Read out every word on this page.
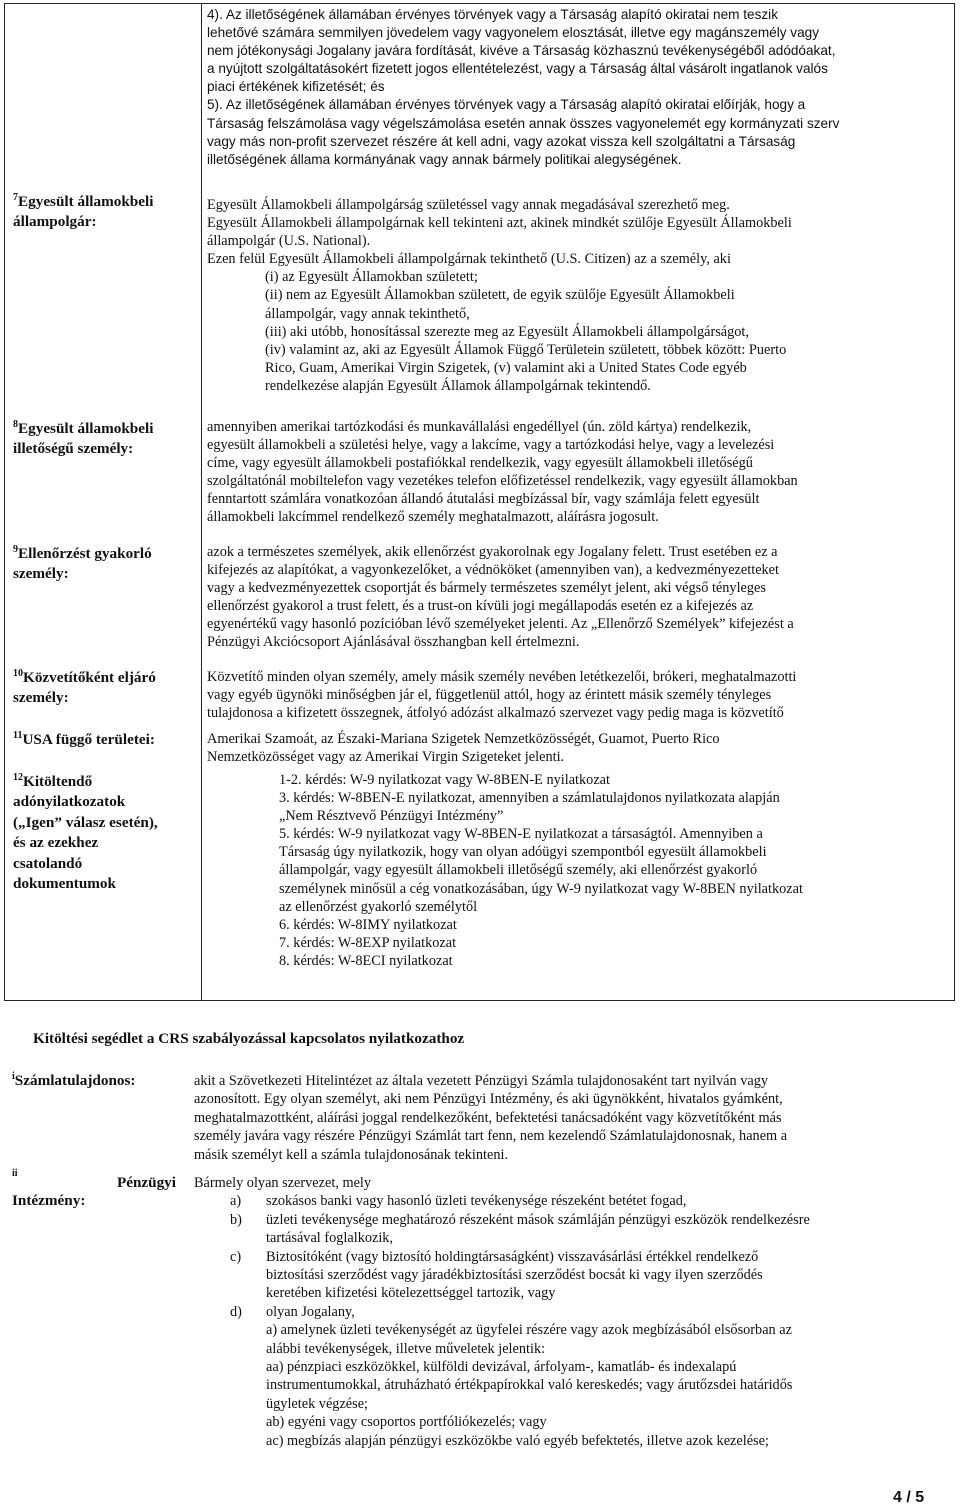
4). Az illetőségének államában érvényes törvények vagy a Társaság alapító okiratai nem teszik

lehetővé számára semmilyen jövedelem vagy vagyonelem elosztását, illetve egy magánszemély vagy

nem jótékonysági Jogalany javára fordítását, kivéve a Társaság közhasznú tevékenységéből adódóakat,

a nyújtott szolgáltatásokért fizetett jogos ellentételezést, vagy a Társaság által vásárolt ingatlanok valós

piaci értékének kifizetését; és

5). Az illetőségének államában érvényes törvények vagy a Társaság alapító okiratai előírják, hogy a

Társaság felszámolása vagy végelszámolása esetén annak összes vagyonelemét egy kormányzati szerv

vagy más non-profit szervezet részére át kell adni, vagy azokat vissza kell szolgáltatni a Társaság

illetőségének állama kormányának vagy annak bármely politikai alegységének.

$^7$Egyesült államokbeli
állampolgár:

Egyesült Államokbeli állampolgárság születéssel vagy annak megadásával szerezhető meg.

Egyesült Államokbeli állampolgárnak kell tekinteni azt, akinek mindkét szülője Egyesült Államokbeli

állampolgár (U.S. National).

Ezen felül Egyesült Államokbeli állampolgárnak tekinthető (U.S. Citizen) az a személy, aki

(i) az Egyesült Államokban született;

(ii) nem az Egyesült Államokban született, de egyik szülője Egyesült Államokbeli

állampolgár, vagy annak tekinthető,

(iii) aki utóbb, honosítással szerezte meg az Egyesült Államokbeli állampolgárságot,

(iv) valamint az, aki az Egyesült Államok Függő Területein született, többek között: Puerto

Rico, Guam, Amerikai Virgin Szigetek, (v) valamint aki a United States Code egyéb

rendelkezése alapján Egyesült Államok állampolgárnak tekintendő.

$^8$Egyesült államokbeli
illetőségű személy:

amennyiben amerikai tartózkodási és munkavállalási engedéllyel (ún. zöld kártya) rendelkezik,

egyesült államokbeli a születési helye, vagy a lakcíme, vagy a tartózkodási helye, vagy a levelezési

címe, vagy egyesült államokbeli postafiókkal rendelkezik, vagy egyesült államokbeli illetőségű

szolgáltatónál mobiltelefon vagy vezetékes telefon előfizetéssel rendelkezik, vagy egyesült államokban

fenntartott számlára vonatkozóan állandó átutalási megbízással bír, vagy számlája felett egyesült

államokbeli lakcímmel rendelkező személy meghatalmazott, aláírásra jogosult.

$^9$Ellenőrzést gyakorló
személy:

azok a természetes személyek, akik ellenőrzést gyakorolnak egy Jogalany felett. Trust esetében ez a

kifejezés az alapítókat, a vagyonkezelőket, a védnököket (amennyiben van), a kedvezményezetteket

vagy a kedvezményezettek csoportját és bármely természetes személyt jelent, aki végső tényleges

ellenőrzést gyakorol a trust felett, és a trust-on kívüli jogi megállapodás esetén ez a kifejezés az

egyenértékű vagy hasonló pozícióban lévő személyeket jelenti. Az „Ellenőrző Személyek” kifejezést a

Pénzügyi Akciócsoport Ajánlásával összhangban kell értelmezni.

$^{10}$Közvetítőként eljáró
személy:

Közvetítő minden olyan személy, amely másik személy nevében letétkezelői, brókeri, meghatalmazotti

vagy egyéb ügynöki minőségben jár el, függetlenül attól, hogy az érintett másik személy tényleges

tulajdonosa a kifizetett összegnek, átfolyó adózást alkalmazó szervezet vagy pedig maga is közvetítő

$^{11}$USA függő területei:	Amerikai Szamoát, az Északi-Mariana Szigetek Nemzetközösségét, Guamot, Puerto Rico

Nemzetközösséget vagy az Amerikai Virgin Szigeteket jelenti.

$^{12}$Kitöltendő
adónyilatkozatok
(„Igen” válasz esetén),
és az ezekhez
csatolandó
dokumentumok

1-2. kérdés: W-9 nyilatkozat vagy W-8BEN-E nyilatkozat

3. kérdés: W-8BEN-E nyilatkozat, amennyiben a számlatulajdonos nyilatkozata alapján

„Nem Résztvevő Pénzügyi Intézmény”

5. kérdés: W-9 nyilatkozat vagy W-8BEN-E nyilatkozat a társaságtól. Amennyiben a

Társaság úgy nyilatkozik, hogy van olyan adóügyi szempontból egyesült államokbeli

állampolgár, vagy egyesült államokbeli illetőségű személy, aki ellenőrzést gyakorló

személynek minősül a cég vonatkozásában, úgy W-9 nyilatkozat vagy W-8BEN nyilatkozat

az ellenőrzést gyakorló személytől

6. kérdés: W-8IMY nyilatkozat

7. kérdés: W-8EXP nyilatkozat

8. kérdés: W-8ECI nyilatkozat

Kitöltési segédlet a CRS szabályozással kapcsolatos nyilatkozathoz
$^i$Számlatulajdonos:	akit a Szövetkezeti Hitelintézet az általa vezetett Pénzügyi Számla tulajdonosaként tart nyilván vagy

azonosított. Egy olyan személyt, aki nem Pénzügyi Intézmény, és aki ügynökként, hivatalos gyámként,

meghatalmazottként, aláírási joggal rendelkezőként, befektetési tanácsadóként vagy közvetítőként más

személy javára vagy részére Pénzügyi Számlát tart fenn, nem kezelendő Számlatulajdonosnak, hanem a

másik személyt kell a számla tulajdonosának tekinteni.

ii
Pénzügyi
Intézmény:

Bármely olyan szervezet, mely

a)	szokásos banki vagy hasonló üzleti tevékenysége részeként betétet fogad,
b)	üzleti tevékenysége meghatározó részeként mások számláján pénzügyi eszközök rendelkezésre
tartásával foglalkozik,
c)	Biztosítóként (vagy biztosító holdingtársaságként) visszavásárlási értékkel rendelkező
biztosítási szerződést vagy járadékbiztosítási szerződést bocsát ki vagy ilyen szerződés
keretében kifizetési kötelezettséggel tartozik, vagy
d)	olyan Jogalany,

a) amelynek üzleti tevékenységét az ügyfelei részére vagy azok megbízásából elsősorban az

alábbi tevékenységek, illetve műveletek jelentik:

aa) pénzpiaci eszközökkel, külföldi devizával, árfolyam-, kamatláb- és indexalapú

instrumentumokkal, átruházható értékpapírokkal való kereskedés; vagy árutőzsdei határidős

ügyletek végzése;

ab) egyéni vagy csoportos portfóliókezelés; vagy

ac) megbízás alapján pénzügyi eszközökbe való egyéb befektetés, illetve azok kezelése;

4 / 5
